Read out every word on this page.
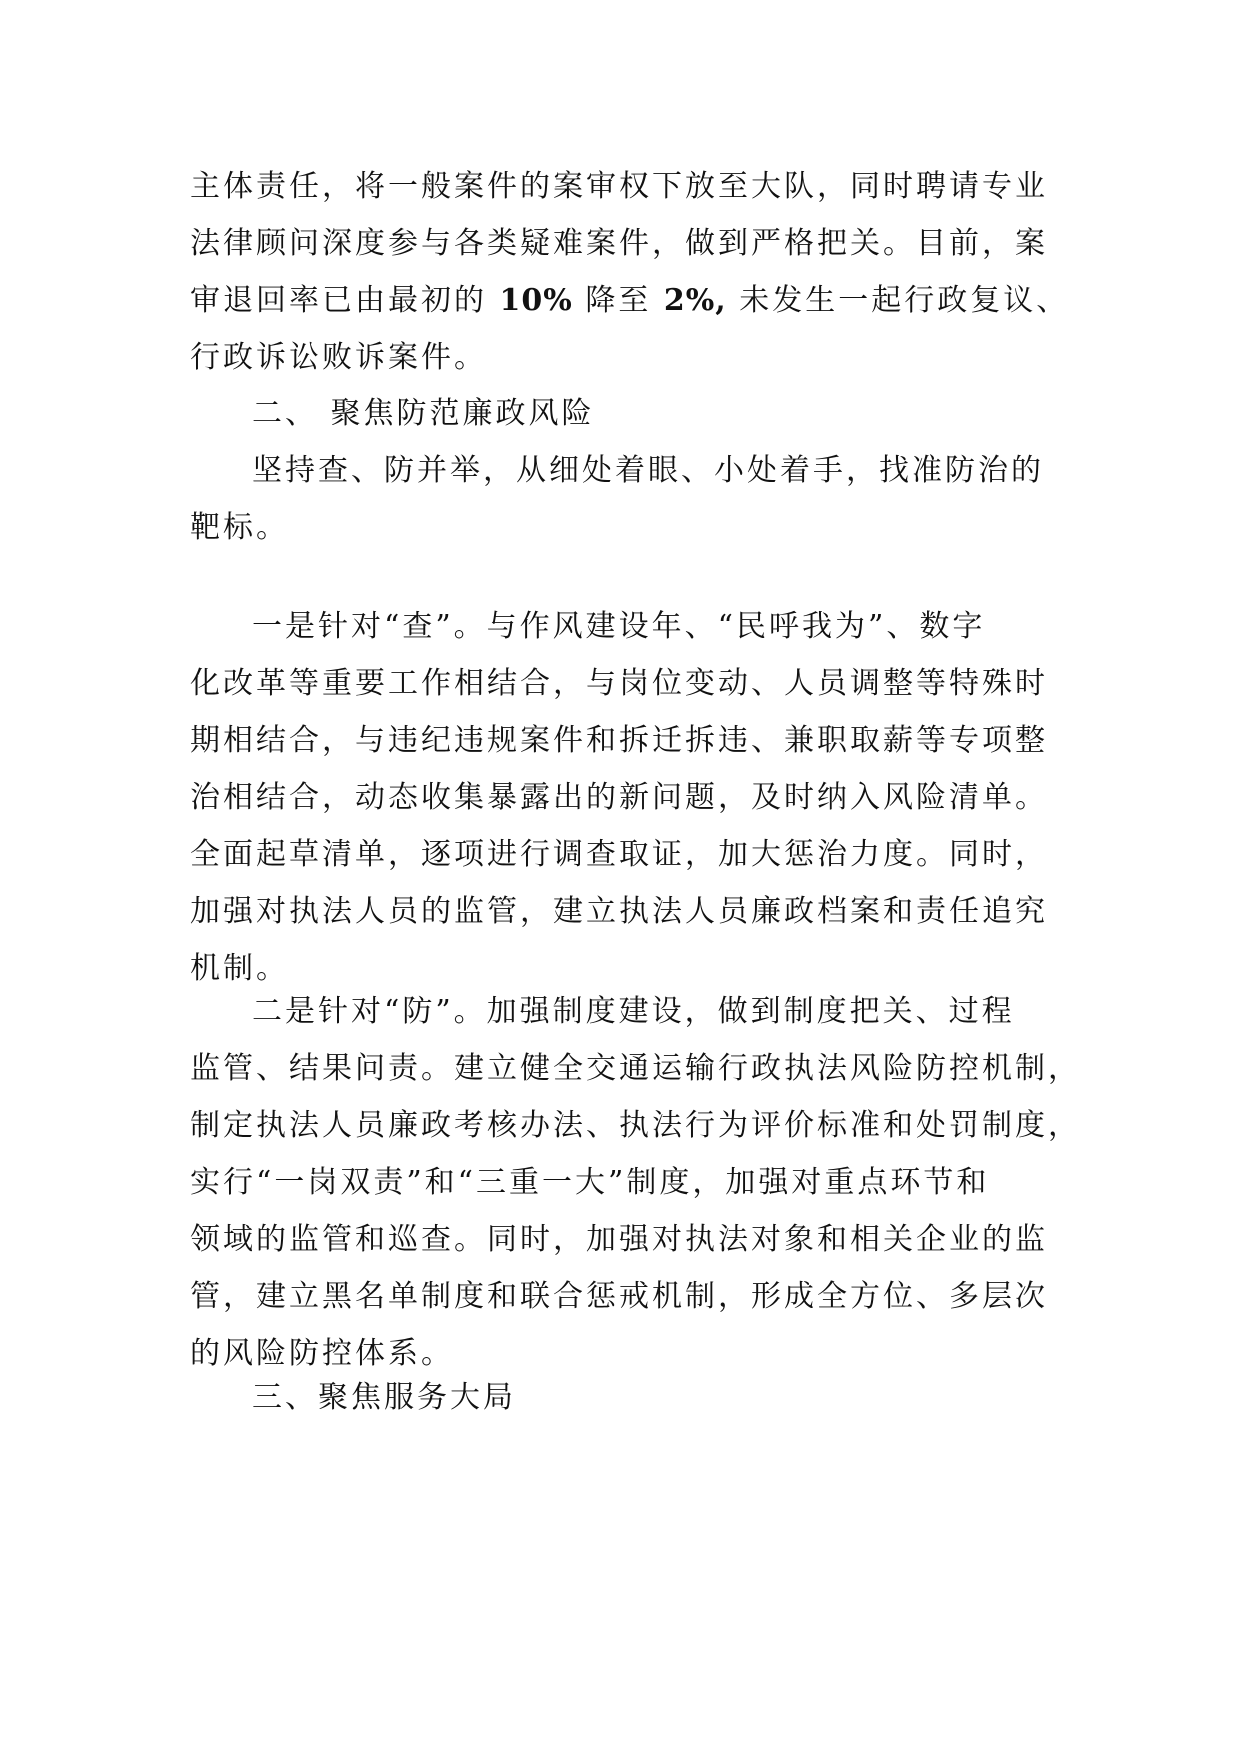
主体责任，将一般案件的案审权下放至大队，同时聘请专业
法律顾问深度参与各类疑难案件，做到严格把关。目前，案
审退回率已由最初的 10% 降至 2%, 未发生一起行政复议、
行政诉讼败诉案件。

二、 聚焦防范廉政风险

坚持查、防并举，从细处着眼、小处着手，找准防治的
靶标。

一是针对“查”。与作风建设年、“民呼我为”、数字
化改革等重要工作相结合，与岗位变动、人员调整等特殊时
期相结合，与违纪违规案件和拆迁拆违、兼职取薪等专项整
治相结合，动态收集暴露出的新问题，及时纳入风险清单。
全面起草清单，逐项进行调查取证，加大惩治力度。同时，
加强对执法人员的监管，建立执法人员廉政档案和责任追究
机制。

二是针对“防”。加强制度建设，做到制度把关、过程
监管、结果问责。建立健全交通运输行政执法风险防控机制，
制定执法人员廉政考核办法、执法行为评价标准和处罚制度，
实行“一岗双责”和“三重一大”制度，加强对重点环节和
领域的监管和巡查。同时，加强对执法对象和相关企业的监
管，建立黑名单制度和联合惩戒机制，形成全方位、多层次
的风险防控体系。

三、聚焦服务大局
